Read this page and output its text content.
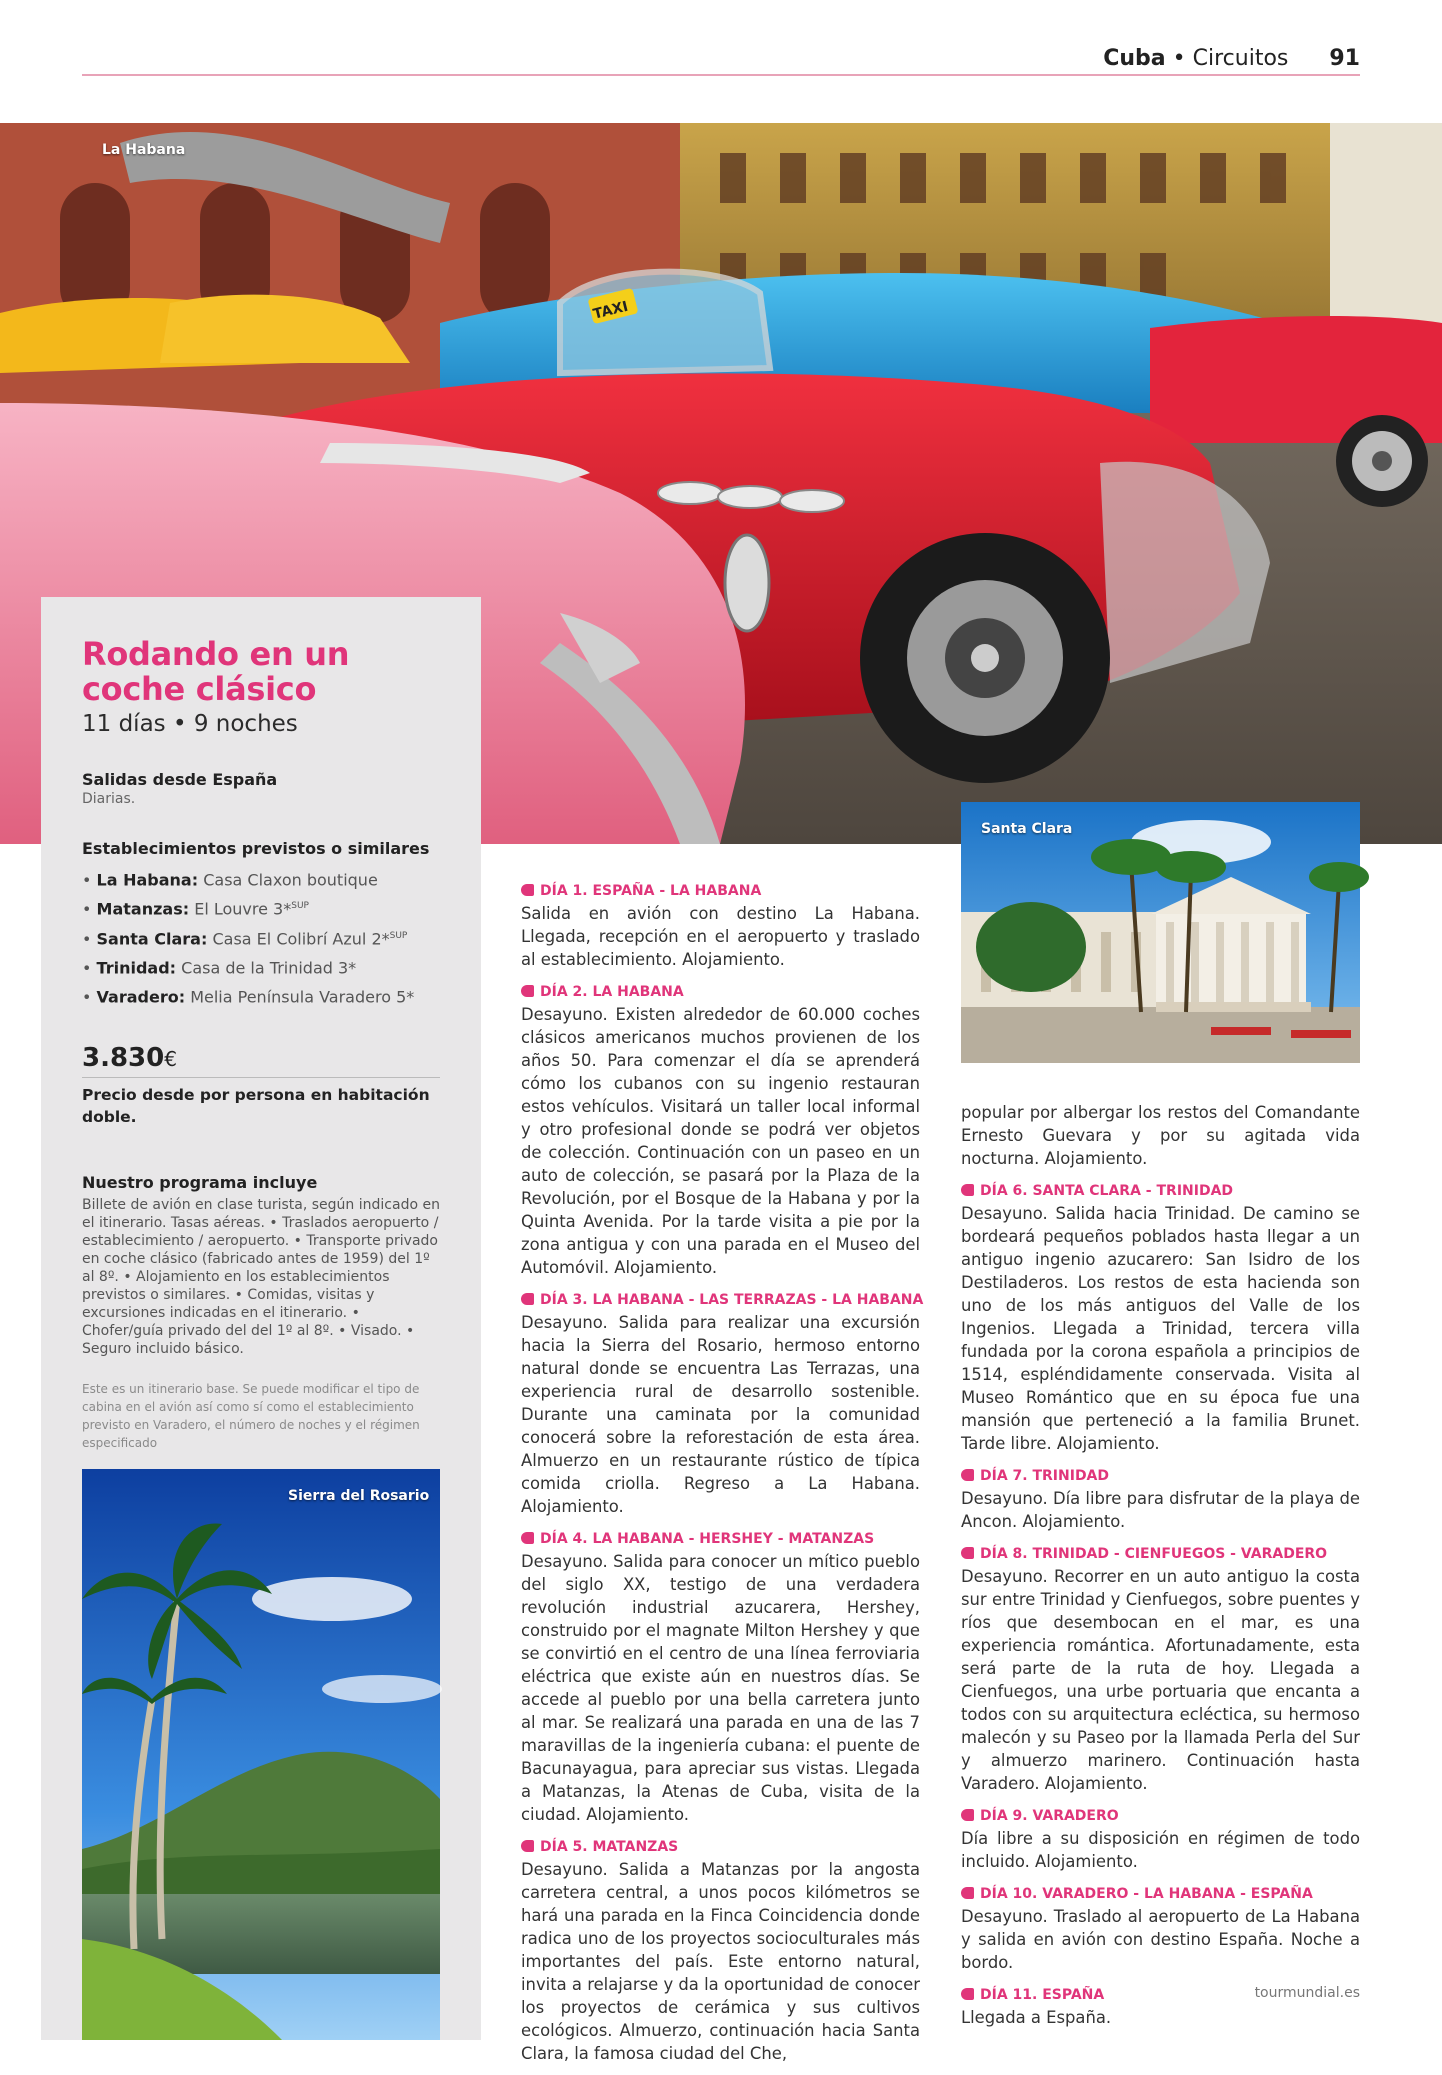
Cuba • Circuitos 91
TAXI
La Habana
Santa Clara
Rodando en un coche clásico
11 días • 9 noches
Salidas desde España
Diarias.
Establecimientos previstos o similares
• La Habana: Casa Claxon boutique
• Matanzas: El Louvre 3*$^{SUP}$
• Santa Clara: Casa El Colibrí Azul 2*$^{SUP}$
• Trinidad: Casa de la Trinidad 3*
• Varadero: Melia Península Varadero 5*
3.830€
Precio desde por persona en habitación doble.
Nuestro programa incluye
Billete de avión en clase turista, según indicado en el itinerario. Tasas aéreas. • Traslados aeropuerto / establecimiento / aeropuerto. • Transporte privado en coche clásico (fabricado antes de 1959) del 1º al 8º. • Alojamiento en los establecimientos previstos o similares. • Comidas, visitas y excursiones indicadas en el itinerario. • Chofer/guía privado del del 1º al 8º. • Visado. • Seguro incluido básico.
Este es un itinerario base. Se puede modificar el tipo de cabina en el avión así como sí como el establecimiento previsto en Varadero, el número de noches y el régimen especificado
Sierra del Rosario
DÍA 1. ESPAÑA - LA HABANA
Salida en avión con destino La Habana. Llegada, recepción en el aeropuerto y traslado al establecimiento. Alojamiento.
DÍA 2. LA HABANA
Desayuno. Existen alrededor de 60.000 coches clásicos americanos muchos provienen de los años 50. Para comenzar el día se aprenderá cómo los cubanos con su ingenio restauran estos vehículos. Visitará un taller local informal y otro profesional donde se podrá ver objetos de colección. Continuación con un paseo en un auto de colección, se pasará por la Plaza de la Revolución, por el Bosque de la Habana y por la Quinta Avenida. Por la tarde visita a pie por la zona antigua y con una parada en el Museo del Automóvil. Alojamiento.
DÍA 3. LA HABANA - LAS TERRAZAS - LA HABANA
Desayuno. Salida para realizar una excursión hacia la Sierra del Rosario, hermoso entorno natural donde se encuentra Las Terrazas, una experiencia rural de desarrollo sostenible. Durante una caminata por la comunidad conocerá sobre la reforestación de esta área. Almuerzo en un restaurante rústico de típica comida criolla. Regreso a La Habana. Alojamiento.
DÍA 4. LA HABANA - HERSHEY - MATANZAS
Desayuno. Salida para conocer un mítico pueblo del siglo XX, testigo de una verdadera revolución industrial azucarera, Hershey, construido por el magnate Milton Hershey y que se convirtió en el centro de una línea ferroviaria eléctrica que existe aún en nuestros días. Se accede al pueblo por una bella carretera junto al mar. Se realizará una parada en una de las 7 maravillas de la ingeniería cubana: el puente de Bacunayagua, para apreciar sus vistas. Llegada a Matanzas, la Atenas de Cuba, visita de la ciudad. Alojamiento.
DÍA 5. MATANZAS
Desayuno. Salida a Matanzas por la angosta carretera central, a unos pocos kilómetros se hará una parada en la Finca Coincidencia donde radica uno de los proyectos socioculturales más importantes del país. Este entorno natural, invita a relajarse y da la oportunidad de conocer los proyectos de cerámica y sus cultivos ecológicos. Almuerzo, continuación hacia Santa Clara, la famosa ciudad del Che,
popular por albergar los restos del Comandante Ernesto Guevara y por su agitada vida nocturna. Alojamiento.
DÍA 6. SANTA CLARA - TRINIDAD
Desayuno. Salida hacia Trinidad. De camino se bordeará pequeños poblados hasta llegar a un antiguo ingenio azucarero: San Isidro de los Destiladeros. Los restos de esta hacienda son uno de los más antiguos del Valle de los Ingenios. Llegada a Trinidad, tercera villa fundada por la corona española a principios de 1514, espléndidamente conservada. Visita al Museo Romántico que en su época fue una mansión que perteneció a la familia Brunet. Tarde libre. Alojamiento.
DÍA 7. TRINIDAD
Desayuno. Día libre para disfrutar de la playa de Ancon. Alojamiento.
DÍA 8. TRINIDAD - CIENFUEGOS - VARADERO
Desayuno. Recorrer en un auto antiguo la costa sur entre Trinidad y Cienfuegos, sobre puentes y ríos que desembocan en el mar, es una experiencia romántica. Afortunadamente, esta será parte de la ruta de hoy. Llegada a Cienfuegos, una urbe portuaria que encanta a todos con su arquitectura ecléctica, su hermoso malecón y su Paseo por la llamada Perla del Sur y almuerzo marinero. Continuación hasta Varadero. Alojamiento.
DÍA 9. VARADERO
Día libre a su disposición en régimen de todo incluido. Alojamiento.
DÍA 10. VARADERO - LA HABANA - ESPAÑA
Desayuno. Traslado al aeropuerto de La Habana y salida en avión con destino España. Noche a bordo.
DÍA 11. ESPAÑA
Llegada a España.
tourmundial.es
